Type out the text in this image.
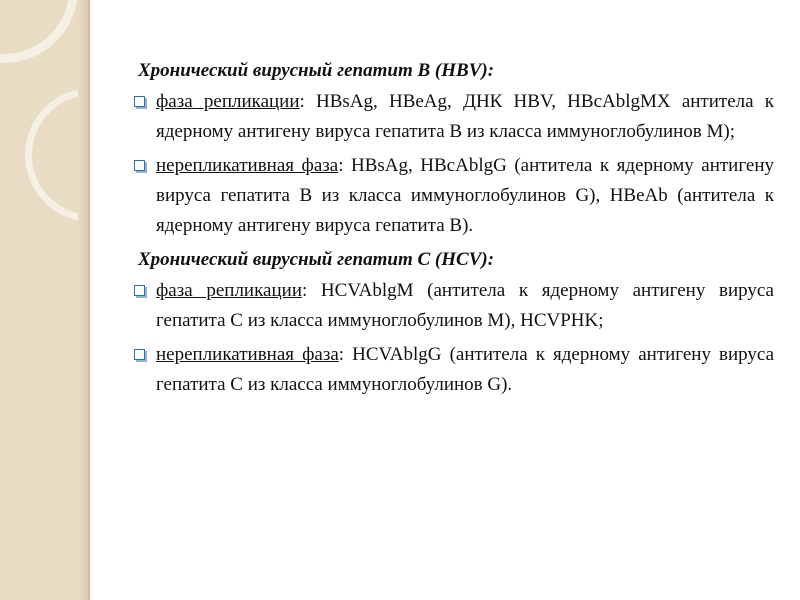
Хронический вирусный гепатит В (HBV):
фаза репликации: HBsAg, HBeAg, ДНК HBV, HBcAblgMX антитела к ядерному антигену вируса гепатита В из класса иммуноглобулинов М);
нерепликативная фаза: HBsAg, HBcAblgG (антитела к ядерному антигену вируса гепатита В из класса иммуноглобулинов G), HBeAb (антитела к ядерному антигену вируса гепатита В).
Хронический вирусный гепатит С (HCV):
фаза репликации: HCVAblgM (антитела к ядерному антигену вируса гепатита С из класса иммуноглобулинов М), HCVPHK;
нерепликативная фаза: HCVAblgG (антитела к ядерному антигену вируса гепатита С из класса иммуноглобулинов G).
